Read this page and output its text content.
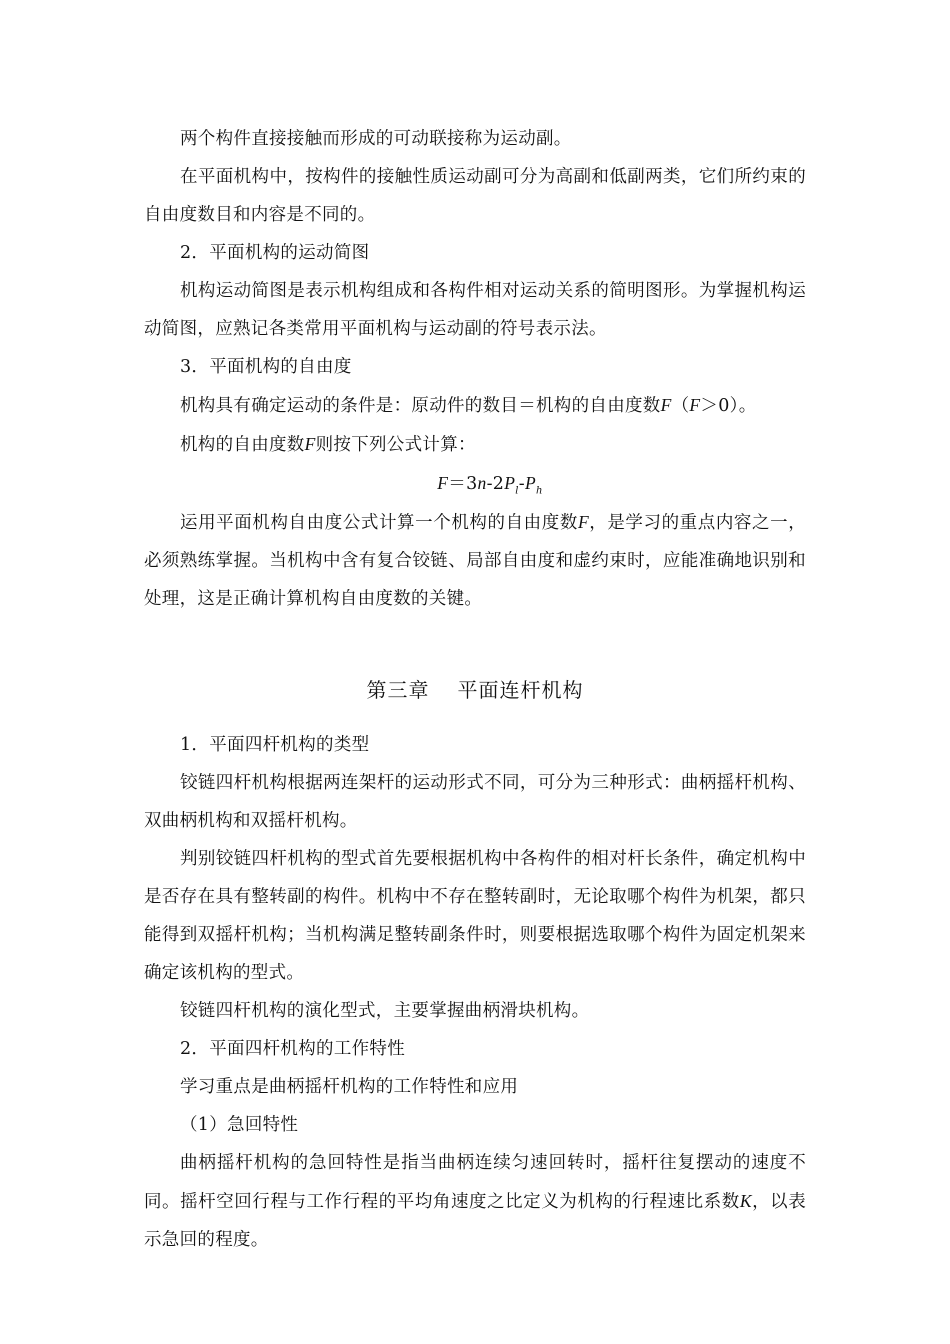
两个构件直接接触而形成的可动联接称为运动副。

在平面机构中，按构件的接触性质运动副可分为高副和低副两类，它们所约束的自由度数目和内容是不同的。

2．平面机构的运动简图

机构运动简图是表示机构组成和各构件相对运动关系的简明图形。为掌握机构运动简图，应熟记各类常用平面机构与运动副的符号表示法。

3．平面机构的自由度

机构具有确定运动的条件是：原动件的数目＝机构的自由度数F（F＞0）。

机构的自由度数F则按下列公式计算：

$F=3n-2P_l-P_h$

运用平面机构自由度公式计算一个机构的自由度数F，是学习的重点内容之一，必须熟练掌握。当机构中含有复合铰链、局部自由度和虚约束时，应能准确地识别和处理，这是正确计算机构自由度数的关键。

第三章 平面连杆机构

1．平面四杆机构的类型

铰链四杆机构根据两连架杆的运动形式不同，可分为三种形式：曲柄摇杆机构、双曲柄机构和双摇杆机构。

判别铰链四杆机构的型式首先要根据机构中各构件的相对杆长条件，确定机构中是否存在具有整转副的构件。机构中不存在整转副时，无论取哪个构件为机架，都只能得到双摇杆机构；当机构满足整转副条件时，则要根据选取哪个构件为固定机架来确定该机构的型式。

铰链四杆机构的演化型式，主要掌握曲柄滑块机构。

2．平面四杆机构的工作特性

学习重点是曲柄摇杆机构的工作特性和应用

（1）急回特性

曲柄摇杆机构的急回特性是指当曲柄连续匀速回转时，摇杆往复摆动的速度不同。摇杆空回行程与工作行程的平均角速度之比定义为机构的行程速比系数K，以表示急回的程度。
